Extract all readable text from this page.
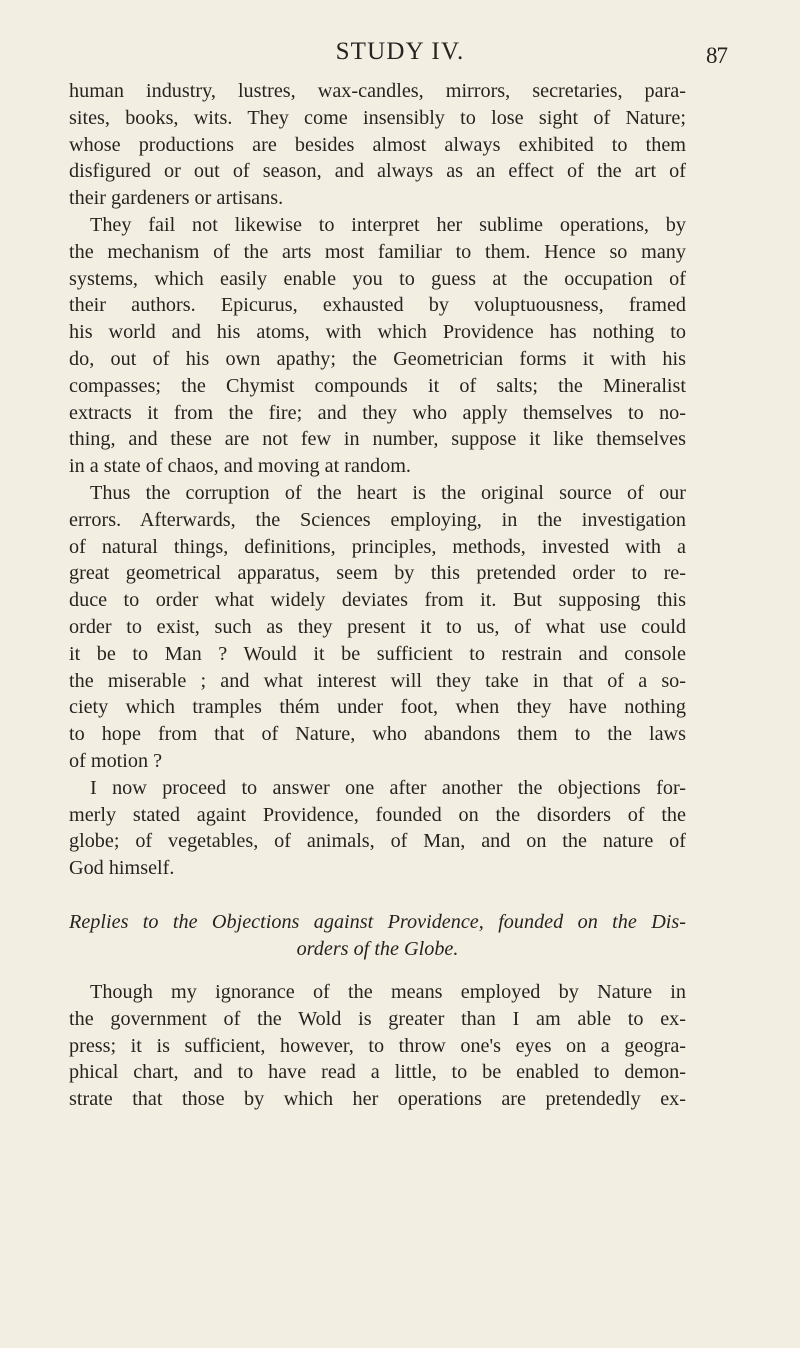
STUDY IV.	87
human industry, lustres, wax-candles, mirrors, secretaries, para-
sites, books, wits. They come insensibly to lose sight of Nature;
whose productions are besides almost always exhibited to them
disfigured or out of season, and always as an effect of the art of
their gardeners or artisans.
They fail not likewise to interpret her sublime operations, by
the mechanism of the arts most familiar to them. Hence so many
systems, which easily enable you to guess at the occupation of
their authors. Epicurus, exhausted by voluptuousness, framed
his world and his atoms, with which Providence has nothing to
do, out of his own apathy; the Geometrician forms it with his
compasses; the Chymist compounds it of salts; the Mineralist
extracts it from the fire; and they who apply themselves to no-
thing, and these are not few in number, suppose it like themselves
in a state of chaos, and moving at random.
Thus the corruption of the heart is the original source of our
errors. Afterwards, the Sciences employing, in the investigation
of natural things, definitions, principles, methods, invested with a
great geometrical apparatus, seem by this pretended order to re-
duce to order what widely deviates from it. But supposing this
order to exist, such as they present it to us, of what use could
it be to Man ? Would it be sufficient to restrain and console
the miserable ; and what interest will they take in that of a so-
ciety which tramples thém under foot, when they have nothing
to hope from that of Nature, who abandons them to the laws
of motion ?
I now proceed to answer one after another the objections for-
merly stated againt Providence, founded on the disorders of the
globe; of vegetables, of animals, of Man, and on the nature of
God himself.
Replies to the Objections against Providence, founded on the Dis-
orders of the Globe.
Though my ignorance of the means employed by Nature in
the government of the Wold is greater than I am able to ex-
press; it is sufficient, however, to throw one's eyes on a geogra-
phical chart, and to have read a little, to be enabled to demon-
strate that those by which her operations are pretendedly ex-
